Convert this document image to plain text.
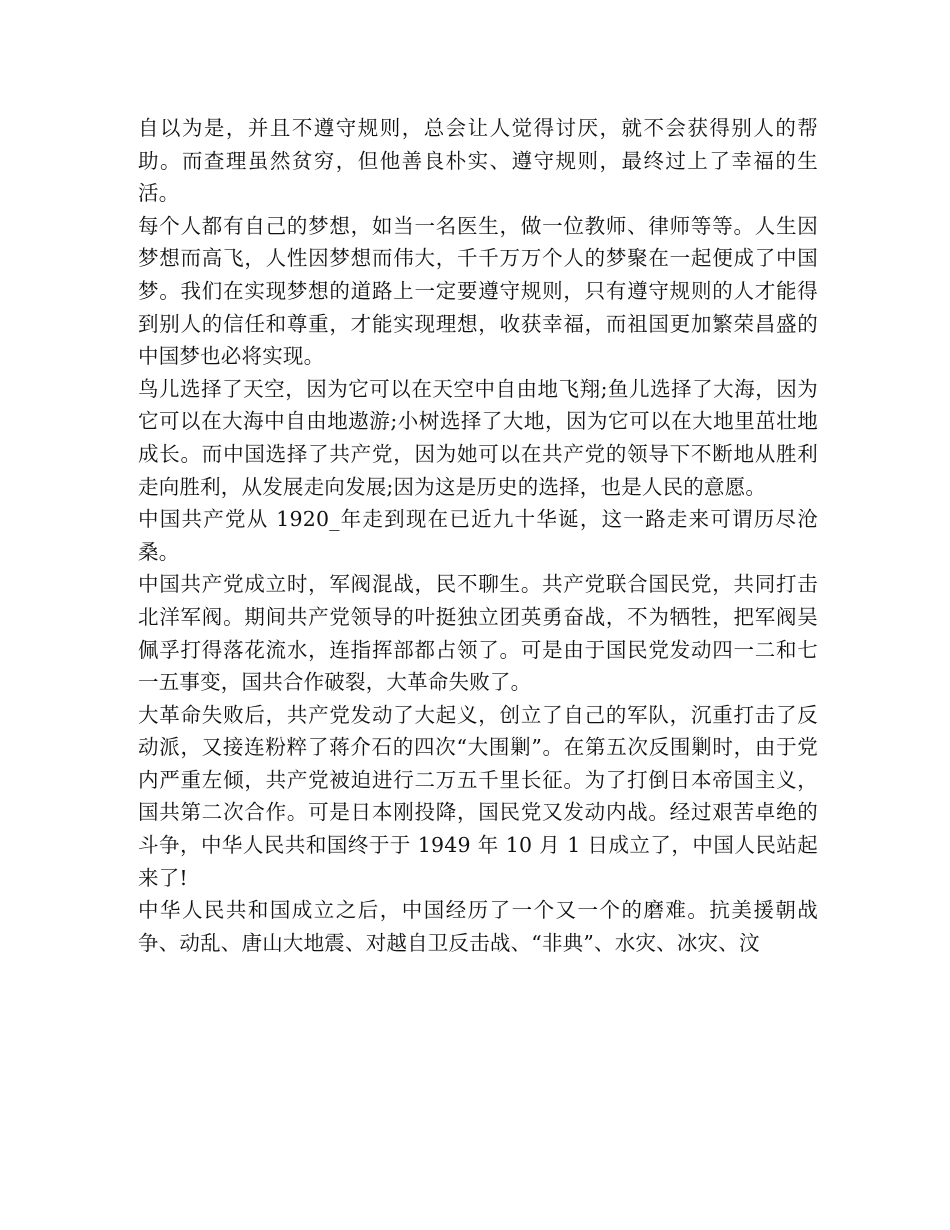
自以为是，并且不遵守规则，总会让人觉得讨厌，就不会获得别人的帮助。而查理虽然贫穷，但他善良朴实、遵守规则，最终过上了幸福的生活。

每个人都有自己的梦想，如当一名医生，做一位教师、律师等等。人生因梦想而高飞，人性因梦想而伟大，千千万万个人的梦聚在一起便成了中国梦。我们在实现梦想的道路上一定要遵守规则，只有遵守规则的人才能得到别人的信任和尊重，才能实现理想，收获幸福，而祖国更加繁荣昌盛的中国梦也必将实现。

鸟儿选择了天空，因为它可以在天空中自由地飞翔;鱼儿选择了大海，因为它可以在大海中自由地遨游;小树选择了大地，因为它可以在大地里茁壮地成长。而中国选择了共产党，因为她可以在共产党的领导下不断地从胜利走向胜利，从发展走向发展;因为这是历史的选择，也是人民的意愿。

中国共产党从 1920_年走到现在已近九十华诞，这一路走来可谓历尽沧桑。

中国共产党成立时，军阀混战，民不聊生。共产党联合国民党，共同打击北洋军阀。期间共产党领导的叶挺独立团英勇奋战，不为牺牲，把军阀吴佩孚打得落花流水，连指挥部都占领了。可是由于国民党发动四一二和七一五事变，国共合作破裂，大革命失败了。

大革命失败后，共产党发动了大起义，创立了自己的军队，沉重打击了反动派，又接连粉粹了蒋介石的四次“大围剿”。在第五次反围剿时，由于党内严重左倾，共产党被迫进行二万五千里长征。为了打倒日本帝国主义，国共第二次合作。可是日本刚投降，国民党又发动内战。经过艰苦卓绝的斗争，中华人民共和国终于于 1949 年 10 月 1 日成立了，中国人民站起来了!

中华人民共和国成立之后，中国经历了一个又一个的磨难。抗美援朝战争、动乱、唐山大地震、对越自卫反击战、“非典”、水灾、冰灾、汶
